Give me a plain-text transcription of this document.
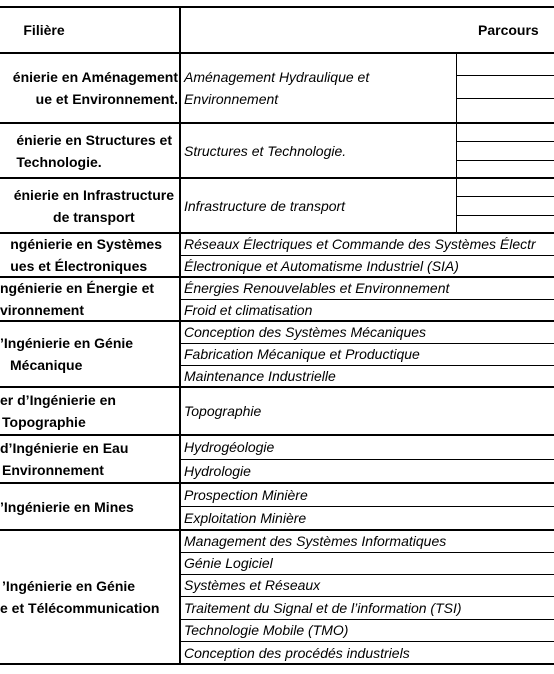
Filière	Parcours
énierie en Aménagement
ue et Environnement.
Aménagement Hydraulique et Environnement
énierie en Structures et
Technologie.
Structures et Technologie.
énierie en Infrastructure
de transport
Infrastructure de transport
ngénierie en Systèmes
ues et Électroniques
Réseaux Électriques et Commande des Systèmes Électr
Électronique et Automatisme Industriel (SIA)
ngénierie en Énergie et
vironnement
Énergies Renouvelables et Environnement
Froid et climatisation
’Ingénierie en Génie
Mécanique
Conception des Systèmes Mécaniques
Fabrication Mécanique et Productique
Maintenance Industrielle
er d’Ingénierie en
Topographie
Topographie
d’Ingénierie en Eau
Environnement
Hydrogéologie
Hydrologie
’Ingénierie en Mines
Prospection Minière
Exploitation Minière
’Ingénierie en Génie
e et Télécommunication
Management des Systèmes Informatiques
Génie Logiciel
Systèmes et Réseaux
Traitement du Signal et de l’information (TSI)
Technologie Mobile (TMO)
Conception des procédés industriels
